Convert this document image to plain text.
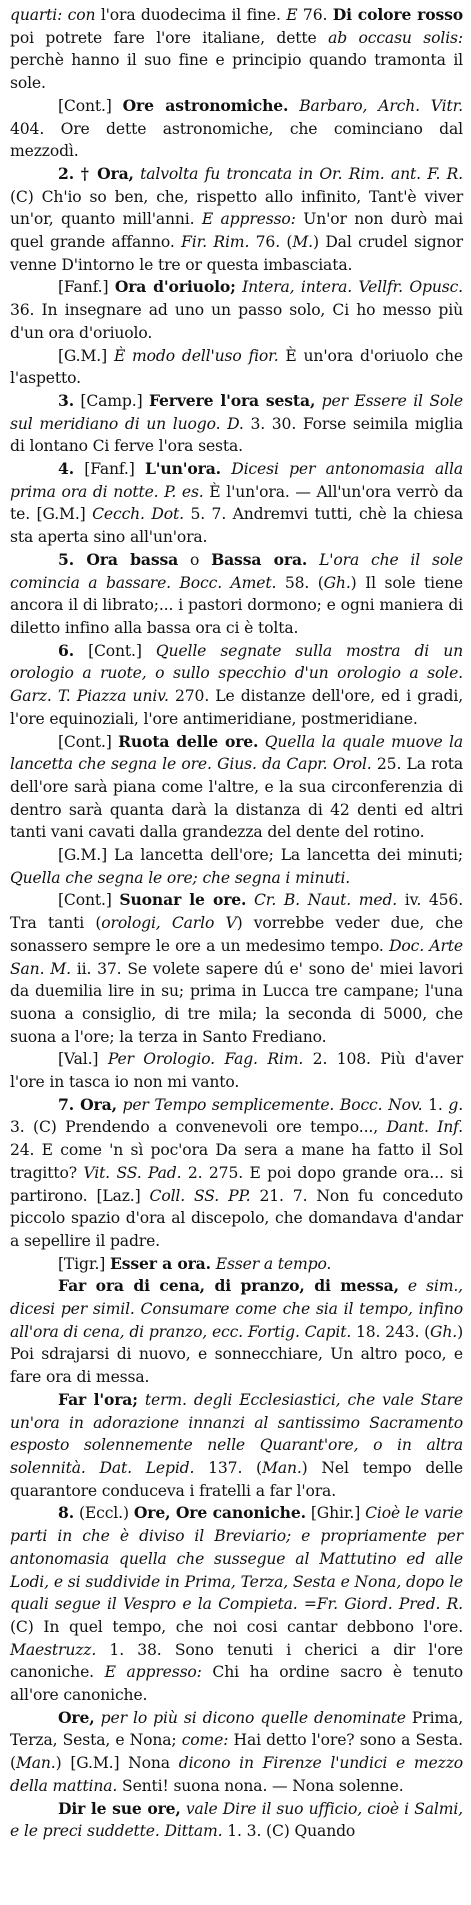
quarti: con l'ora duodecima il fine. E 76. Di colore rosso poi potrete fare l'ore italiane, dette ab occasu solis: perchè hanno il suo fine e principio quando tramonta il sole.

[Cont.] Ore astronomiche. Barbaro, Arch. Vitr. 404. Ore dette astronomiche, che cominciano dal mezzodì.

2. † Ora, talvolta fu troncata in Or. Rim. ant. F. R. (C) Ch'io so ben, che, rispetto allo infinito, Tant'è viver un'or, quanto mill'anni. E appresso: Un'or non durò mai quel grande affanno. Fir. Rim. 76. (M.) Dal crudel signor venne D'intorno le tre or questa imbasciata.

[Fanf.] Ora d'oriuolo; Intera, intera. Vellfr. Opusc. 36. In insegnare ad uno un passo solo, Ci ho messo più d'un ora d'oriuolo.

[G.M.] È modo dell'uso fior. È un'ora d'oriuolo che l'aspetto.

3. [Camp.] Fervere l'ora sesta, per Essere il Sole sul meridiano di un luogo. D. 3. 30. Forse seimila miglia di lontano Ci ferve l'ora sesta.

4. [Fanf.] L'un'ora. Dicesi per antonomasia alla prima ora di notte. P. es. È l'un'ora. — All'un'ora verrò da te. [G.M.] Cecch. Dot. 5. 7. Andremvi tutti, chè la chiesa sta aperta sino all'un'ora.

5. Ora bassa o Bassa ora. L'ora che il sole comincia a bassare. Bocc. Amet. 58. (Gh.) Il sole tiene ancora il di librato;... i pastori dormono; e ogni maniera di diletto infino alla bassa ora ci è tolta.

6. [Cont.] Quelle segnate sulla mostra di un orologio a ruote, o sullo specchio d'un orologio a sole. Garz. T. Piazza univ. 270. Le distanze dell'ore, ed i gradi, l'ore equinoziali, l'ore antimeridiane, postmeridiane.

[Cont.] Ruota delle ore. Quella la quale muove la lancetta che segna le ore. Gius. da Capr. Orol. 25. La rota dell'ore sarà piana come l'altre, e la sua circonferenzia di dentro sarà quanta darà la distanza di 42 denti ed altri tanti vani cavati dalla grandezza del dente del rotino.

[G.M.] La lancetta dell'ore; La lancetta dei minuti; Quella che segna le ore; che segna i minuti.

[Cont.] Suonar le ore. Cr. B. Naut. med. iv. 456. Tra tanti (orologi, Carlo V) vorrebbe veder due, che sonassero sempre le ore a un medesimo tempo. Doc. Arte San. M. ii. 37. Se volete sapere dú e' sono de' miei lavori da duemilia lire in su; prima in Lucca tre campane; l'una suona a consiglio, di tre mila; la seconda di 5000, che suona a l'ore; la terza in Santo Frediano.

[Val.] Per Orologio. Fag. Rim. 2. 108. Più d'aver l'ore in tasca io non mi vanto.

7. Ora, per Tempo semplicemente. Bocc. Nov. 1. g. 3. (C) Prendendo a convenevoli ore tempo..., Dant. Inf. 24. E come 'n sì poc'ora Da sera a mane ha fatto il Sol tragitto? Vit. SS. Pad. 2. 275. E poi dopo grande ora... si partirono. [Laz.] Coll. SS. PP. 21. 7. Non fu conceduto piccolo spazio d'ora al discepolo, che domandava d'andar a sepellire il padre.

[Tigr.] Esser a ora. Esser a tempo.

Far ora di cena, di pranzo, di messa, e sim., dicesi per simil. Consumare come che sia il tempo, infino all'ora di cena, di pranzo, ecc. Fortig. Capit. 18. 243. (Gh.) Poi sdrajarsi di nuovo, e sonnecchiare, Un altro poco, e fare ora di messa.

Far l'ora; term. degli Ecclesiastici, che vale Stare un'ora in adorazione innanzi al santissimo Sacramento esposto solennemente nelle Quarant'ore, o in altra solennità. Dat. Lepid. 137. (Man.) Nel tempo delle quarantore conduceva i fratelli a far l'ora.

8. (Eccl.) Ore, Ore canoniche. [Ghir.] Cioè le varie parti in che è diviso il Breviario; e propriamente per antonomasia quella che sussegue al Mattutino ed alle Lodi, e si suddivide in Prima, Terza, Sesta e Nona, dopo le quali segue il Vespro e la Compieta. =Fr. Giord. Pred. R. (C) In quel tempo, che noi cosi cantar debbono l'ore. Maestruzz. 1. 38. Sono tenuti i cherici a dir l'ore canoniche. E appresso: Chi ha ordine sacro è tenuto all'ore canoniche.

Ore, per lo più si dicono quelle denominate Prima, Terza, Sesta, e Nona; come: Hai detto l'ore? sono a Sesta. (Man.) [G.M.] Nona dicono in Firenze l'undici e mezzo della mattina. Senti! suona nona. — Nona solenne.

Dir le sue ore, vale Dire il suo ufficio, cioè i Salmi, e le preci suddette. Dittam. 1. 3. (C) Quando
